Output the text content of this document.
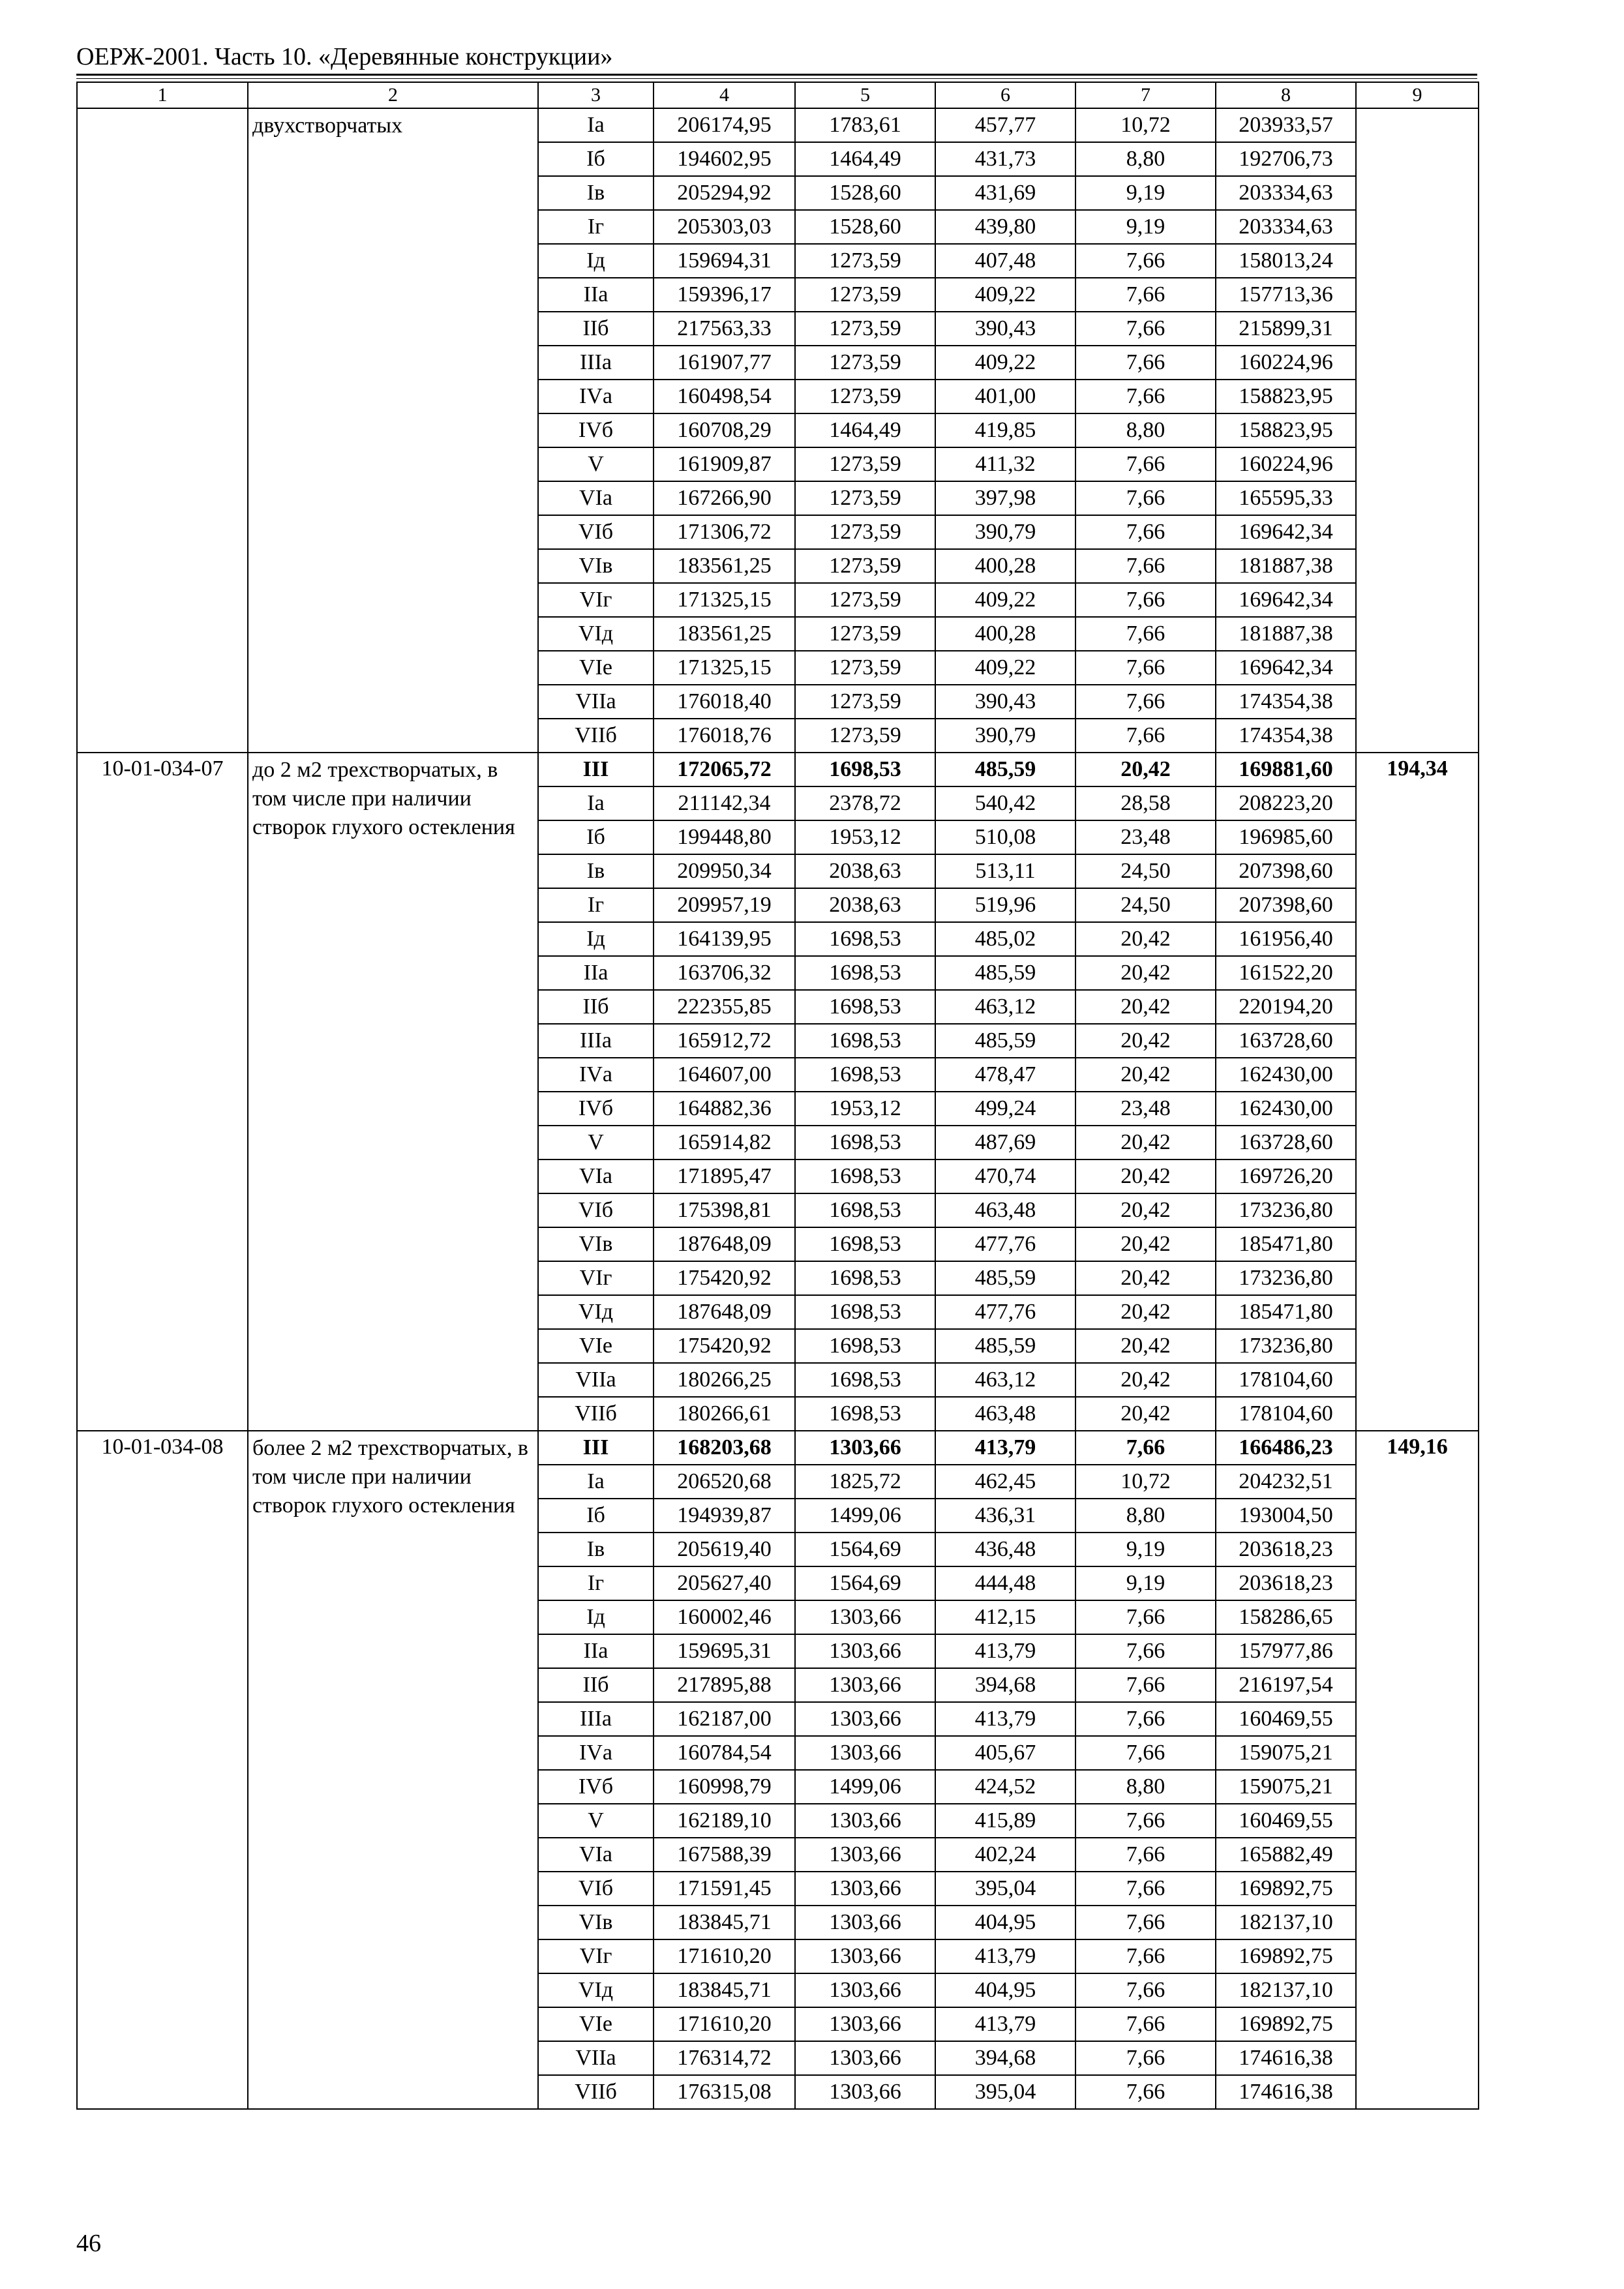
ОЕРЖ-2001. Часть 10. «Деревянные конструкции»
1	2	3	4	5	6	7	8	9
	двухстворчатых	Iа	206174,95	1783,61	457,77	10,72	203933,57	
		Iб	194602,95	1464,49	431,73	8,80	192706,73	
		Iв	205294,92	1528,60	431,69	9,19	203334,63	
		Iг	205303,03	1528,60	439,80	9,19	203334,63	
		Iд	159694,31	1273,59	407,48	7,66	158013,24	
		IIа	159396,17	1273,59	409,22	7,66	157713,36	
		IIб	217563,33	1273,59	390,43	7,66	215899,31	
		IIIа	161907,77	1273,59	409,22	7,66	160224,96	
		IVа	160498,54	1273,59	401,00	7,66	158823,95	
		IVб	160708,29	1464,49	419,85	8,80	158823,95	
		V	161909,87	1273,59	411,32	7,66	160224,96	
		VIа	167266,90	1273,59	397,98	7,66	165595,33	
		VIб	171306,72	1273,59	390,79	7,66	169642,34	
		VIв	183561,25	1273,59	400,28	7,66	181887,38	
		VIг	171325,15	1273,59	409,22	7,66	169642,34	
		VIд	183561,25	1273,59	400,28	7,66	181887,38	
		VIе	171325,15	1273,59	409,22	7,66	169642,34	
		VIIа	176018,40	1273,59	390,43	7,66	174354,38	
		VIIб	176018,76	1273,59	390,79	7,66	174354,38	
10-01-034-07	до 2 м2 трехстворчатых, в том числе при наличии створок глухого остекления	III	172065,72	1698,53	485,59	20,42	169881,60	194,34
		Iа	211142,34	2378,72	540,42	28,58	208223,20	
		Iб	199448,80	1953,12	510,08	23,48	196985,60	
		Iв	209950,34	2038,63	513,11	24,50	207398,60	
		Iг	209957,19	2038,63	519,96	24,50	207398,60	
		Iд	164139,95	1698,53	485,02	20,42	161956,40	
		IIа	163706,32	1698,53	485,59	20,42	161522,20	
		IIб	222355,85	1698,53	463,12	20,42	220194,20	
		IIIа	165912,72	1698,53	485,59	20,42	163728,60	
		IVа	164607,00	1698,53	478,47	20,42	162430,00	
		IVб	164882,36	1953,12	499,24	23,48	162430,00	
		V	165914,82	1698,53	487,69	20,42	163728,60	
		VIа	171895,47	1698,53	470,74	20,42	169726,20	
		VIб	175398,81	1698,53	463,48	20,42	173236,80	
		VIв	187648,09	1698,53	477,76	20,42	185471,80	
		VIг	175420,92	1698,53	485,59	20,42	173236,80	
		VIд	187648,09	1698,53	477,76	20,42	185471,80	
		VIе	175420,92	1698,53	485,59	20,42	173236,80	
		VIIа	180266,25	1698,53	463,12	20,42	178104,60	
		VIIб	180266,61	1698,53	463,48	20,42	178104,60	
10-01-034-08	более 2 м2 трехстворчатых, в том числе при наличии створок глухого остекления	III	168203,68	1303,66	413,79	7,66	166486,23	149,16
		Iа	206520,68	1825,72	462,45	10,72	204232,51	
		Iб	194939,87	1499,06	436,31	8,80	193004,50	
		Iв	205619,40	1564,69	436,48	9,19	203618,23	
		Iг	205627,40	1564,69	444,48	9,19	203618,23	
		Iд	160002,46	1303,66	412,15	7,66	158286,65	
		IIа	159695,31	1303,66	413,79	7,66	157977,86	
		IIб	217895,88	1303,66	394,68	7,66	216197,54	
		IIIа	162187,00	1303,66	413,79	7,66	160469,55	
		IVа	160784,54	1303,66	405,67	7,66	159075,21	
		IVб	160998,79	1499,06	424,52	8,80	159075,21	
		V	162189,10	1303,66	415,89	7,66	160469,55	
		VIа	167588,39	1303,66	402,24	7,66	165882,49	
		VIб	171591,45	1303,66	395,04	7,66	169892,75	
		VIв	183845,71	1303,66	404,95	7,66	182137,10	
		VIг	171610,20	1303,66	413,79	7,66	169892,75	
		VIд	183845,71	1303,66	404,95	7,66	182137,10	
		VIе	171610,20	1303,66	413,79	7,66	169892,75	
		VIIа	176314,72	1303,66	394,68	7,66	174616,38	
		VIIб	176315,08	1303,66	395,04	7,66	174616,38	
46
